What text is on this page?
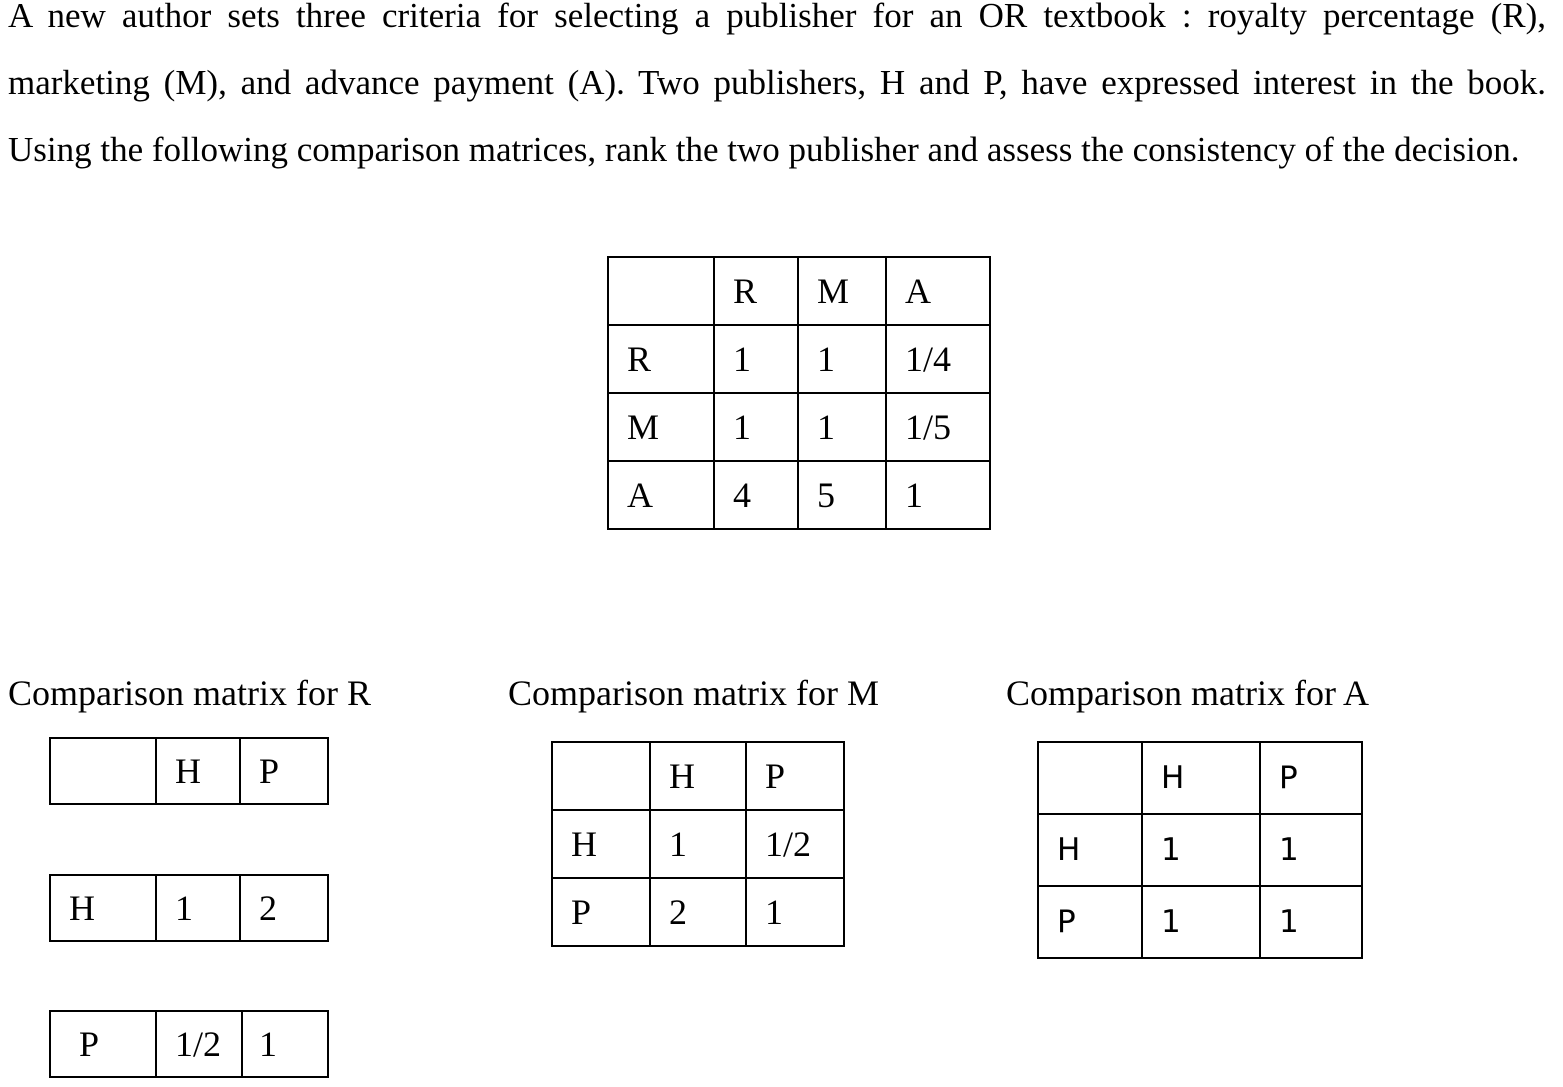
A new author sets three criteria for selecting a publisher for an OR textbook : royalty percentage (R), marketing (M), and advance payment (A). Two publishers, H and P, have expressed interest in the book. Using the following comparison matrices, rank the two publisher and assess the consistency of the decision.

	R	M	A
R	1	1	1/4
M	1	1	1/5
A	4	5	1

Comparison matrix for R	Comparison matrix for M	Comparison matrix for A

	H	P
H	1	2
P	1/2	1
	H	P
H	1	1/2
P	2	1
	H	P
H	1	1
P	1	1
